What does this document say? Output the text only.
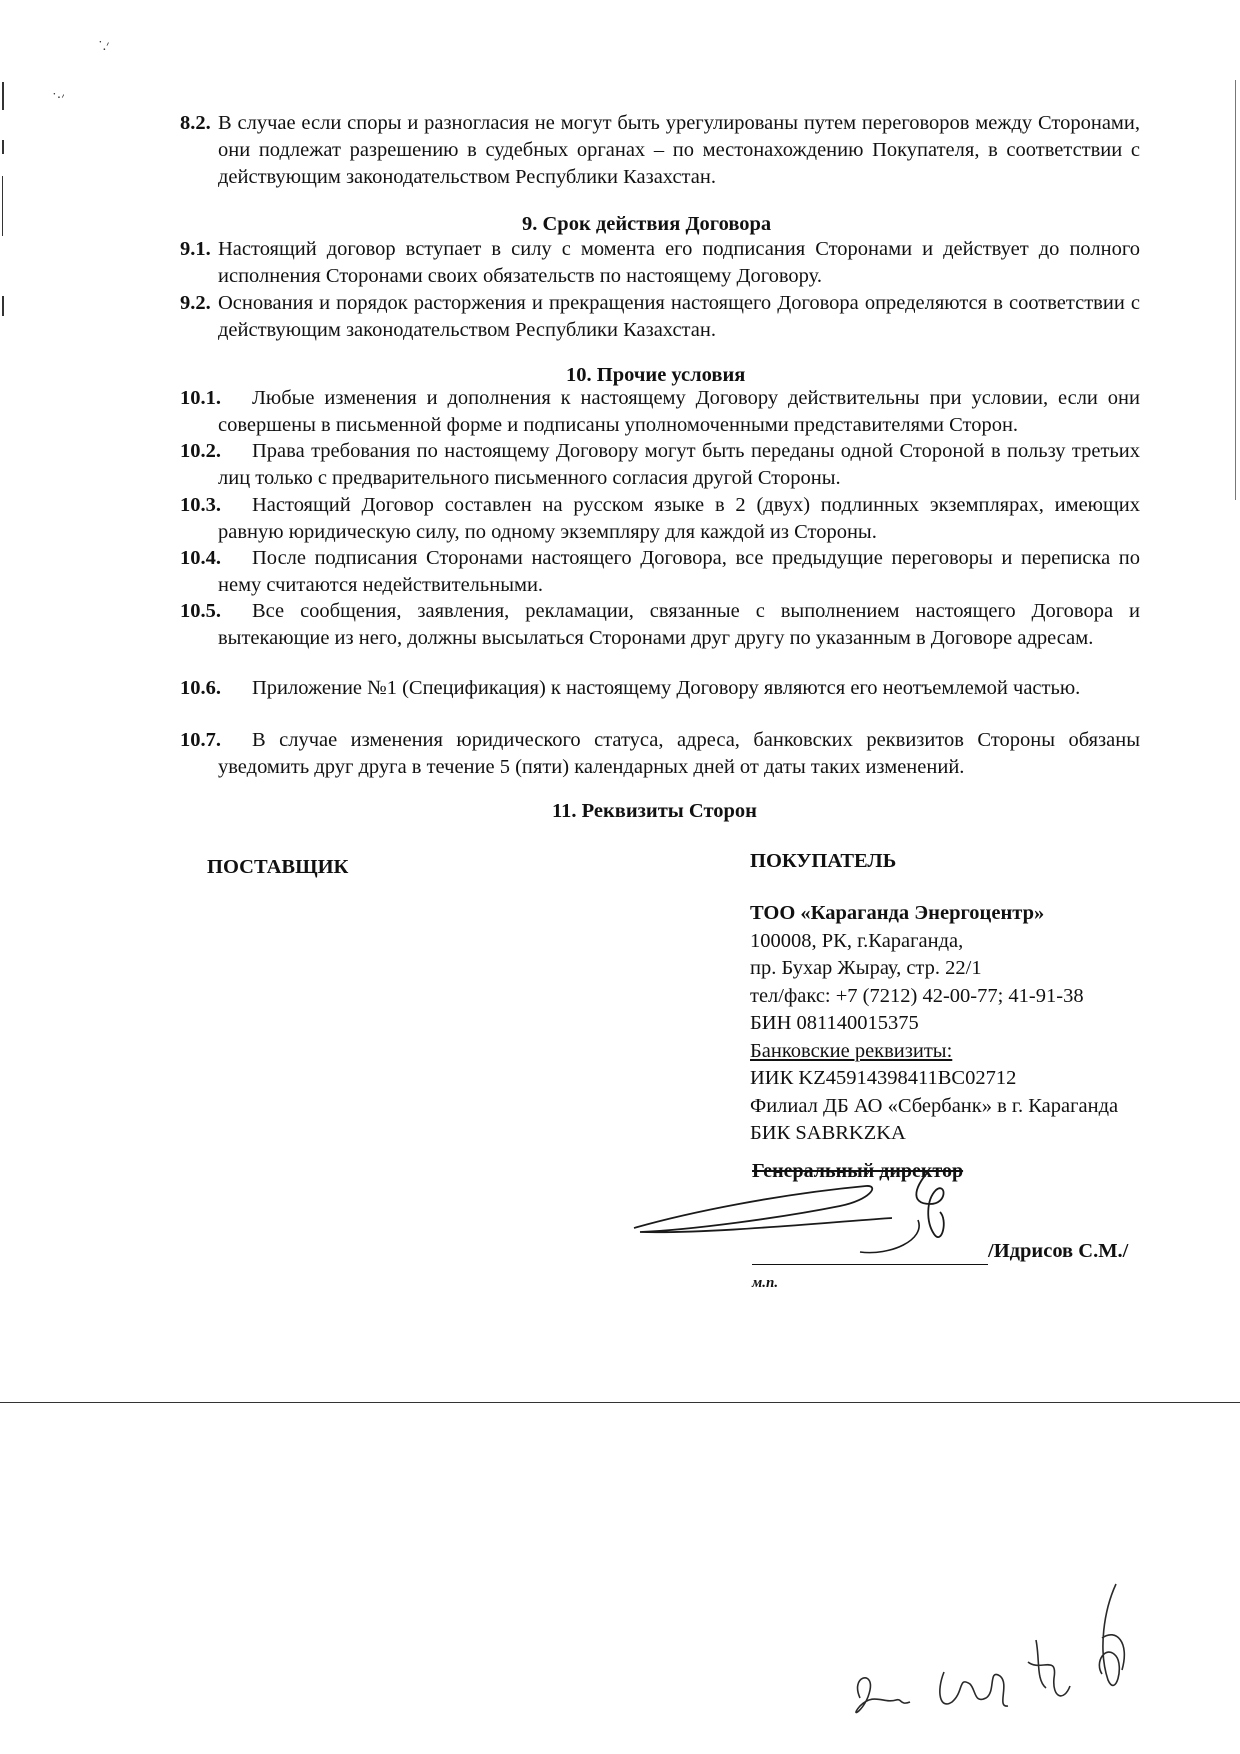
˙.׳
˙·׳
8.2. В случае если споры и разногласия не могут быть урегулированы путем переговоров между Сторонами, они подлежат разрешению в судебных органах – по местонахождению Покупателя, в соответствии с действующим законодательством Республики Казахстан.
9. Срок действия Договора
9.1. Настоящий договор вступает в силу с момента его подписания Сторонами и действует до полного исполнения Сторонами своих обязательств по настоящему Договору.
9.2. Основания и порядок расторжения и прекращения настоящего Договора определяются в соответствии с действующим законодательством Республики Казахстан.
10. Прочие условия
10.1.	Любые изменения и дополнения к настоящему Договору действительны при условии, если они совершены в письменной форме и подписаны уполномоченными представителями Сторон.
10.2.	Права требования по настоящему Договору могут быть переданы одной Стороной в пользу третьих лиц только с предварительного письменного согласия другой Стороны.
10.3.	Настоящий Договор составлен на русском языке в 2 (двух) подлинных экземплярах, имеющих равную юридическую силу, по одному экземпляру для каждой из Стороны.
10.4.	После подписания Сторонами настоящего Договора, все предыдущие переговоры и переписка по нему считаются недействительными.
10.5.	Все сообщения, заявления, рекламации, связанные с выполнением настоящего Договора и вытекающие из него, должны высылаться Сторонами друг другу по указанным в Договоре адресам.
10.6.	Приложение №1 (Спецификация) к настоящему Договору являются его неотъемлемой частью.
10.7.	В случае изменения юридического статуса, адреса, банковских реквизитов Стороны обязаны уведомить друг друга в течение 5 (пяти) календарных дней от даты таких изменений.
11. Реквизиты Сторон
ПОСТАВЩИК	ПОКУПАТЕЛЬ
ТОО «Караганда Энергоцентр»
100008, РК, г.Караганда,
пр. Бухар Жырау, стр. 22/1
тел/факс: +7 (7212) 42-00-77; 41-91-38
БИН 081140015375
Банковские реквизиты:
ИИК KZ45914398411BC02712
Филиал ДБ АО «Сбербанк» в г. Караганда
БИК SABRKZKA
Генеральный директор
/Идрисов С.М./
м.п.
